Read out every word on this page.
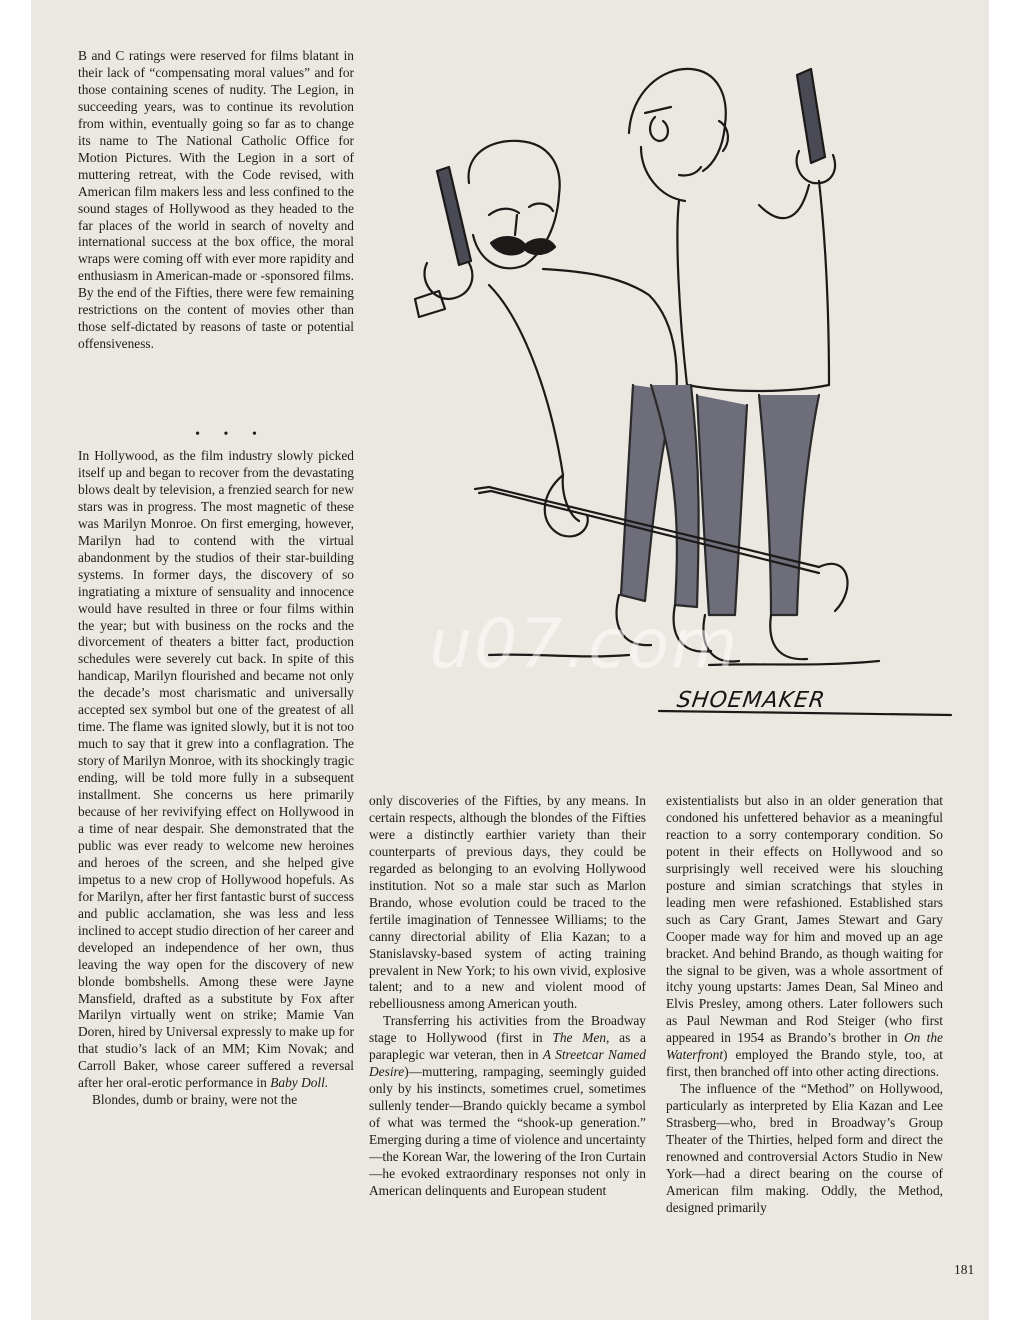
B and C ratings were reserved for films blatant in their lack of “compensating moral values” and for those containing scenes of nudity. The Legion, in succeeding years, was to continue its revolution from within, eventually going so far as to change its name to The National Catholic Office for Motion Pictures. With the Legion in a sort of muttering retreat, with the Code revised, with American film makers less and less confined to the sound stages of Hollywood as they headed to the far places of the world in search of novelty and international success at the box office, the moral wraps were coming off with ever more rapidity and enthusiasm in American-made or -sponsored films. By the end of the Fifties, there were few remaining restrictions on the content of movies other than those self-dictated by reasons of taste or potential offensiveness.

• • •

In Hollywood, as the film industry slowly picked itself up and began to recover from the devastating blows dealt by television, a frenzied search for new stars was in progress. The most magnetic of these was Marilyn Monroe. On first emerging, however, Marilyn had to contend with the virtual abandonment by the studios of their star-building systems. In former days, the discovery of so ingratiating a mixture of sensuality and innocence would have resulted in three or four films within the year; but with business on the rocks and the divorcement of theaters a bitter fact, production schedules were severely cut back. In spite of this handicap, Marilyn flourished and became not only the decade’s most charismatic and universally accepted sex symbol but one of the greatest of all time. The flame was ignited slowly, but it is not too much to say that it grew into a conflagration. The story of Marilyn Monroe, with its shockingly tragic ending, will be told more fully in a subsequent installment. She concerns us here primarily because of her revivifying effect on Hollywood in a time of near despair. She demonstrated that the public was ever ready to welcome new heroines and heroes of the screen, and she helped give impetus to a new crop of Hollywood hopefuls. As for Marilyn, after her first fantastic burst of success and public acclamation, she was less and less inclined to accept studio direction of her career and developed an independence of her own, thus leaving the way open for the discovery of new blonde bombshells. Among these were Jayne Mansfield, drafted as a substitute by Fox after Marilyn virtually went on strike; Mamie Van Doren, hired by Universal expressly to make up for that studio’s lack of an MM; Kim Novak; and Carroll Baker, whose career suffered a reversal after her oral-erotic performance in Baby Doll.

Blondes, dumb or brainy, were not the

only discoveries of the Fifties, by any means. In certain respects, although the blondes of the Fifties were a distinctly earthier variety than their counterparts of previous days, they could be regarded as belonging to an evolving Hollywood institution. Not so a male star such as Marlon Brando, whose evolution could be traced to the fertile imagination of Tennessee Williams; to the canny directorial ability of Elia Kazan; to a Stanislavsky-based system of acting training prevalent in New York; to his own vivid, explosive talent; and to a new and violent mood of rebelliousness among American youth.

Transferring his activities from the Broadway stage to Hollywood (first in The Men, as a paraplegic war veteran, then in A Streetcar Named Desire)—muttering, rampaging, seemingly guided only by his instincts, sometimes cruel, sometimes sullenly tender—Brando quickly became a symbol of what was termed the “shook-up generation.” Emerging during a time of violence and uncertainty—the Korean War, the lowering of the Iron Curtain—he evoked extraordinary responses not only in American delinquents and European student

existentialists but also in an older generation that condoned his unfettered behavior as a meaningful reaction to a sorry contemporary condition. So potent in their effects on Hollywood and so surprisingly well received were his slouching posture and simian scratchings that styles in leading men were refashioned. Established stars such as Cary Grant, James Stewart and Gary Cooper made way for him and moved up an age bracket. And behind Brando, as though waiting for the signal to be given, was a whole assortment of itchy young upstarts: James Dean, Sal Mineo and Elvis Presley, among others. Later followers such as Paul Newman and Rod Steiger (who first appeared in 1954 as Brando’s brother in On the Waterfront) employed the Brando style, too, at first, then branched off into other acting directions.

The influence of the “Method” on Hollywood, particularly as interpreted by Elia Kazan and Lee Strasberg—who, bred in Broadway’s Group Theater of the Thirties, helped form and direct the renowned and controversial Actors Studio in New York—had a direct bearing on the course of American film making. Oddly, the Method, designed primarily

SHOEMAKER
u07.com
181
